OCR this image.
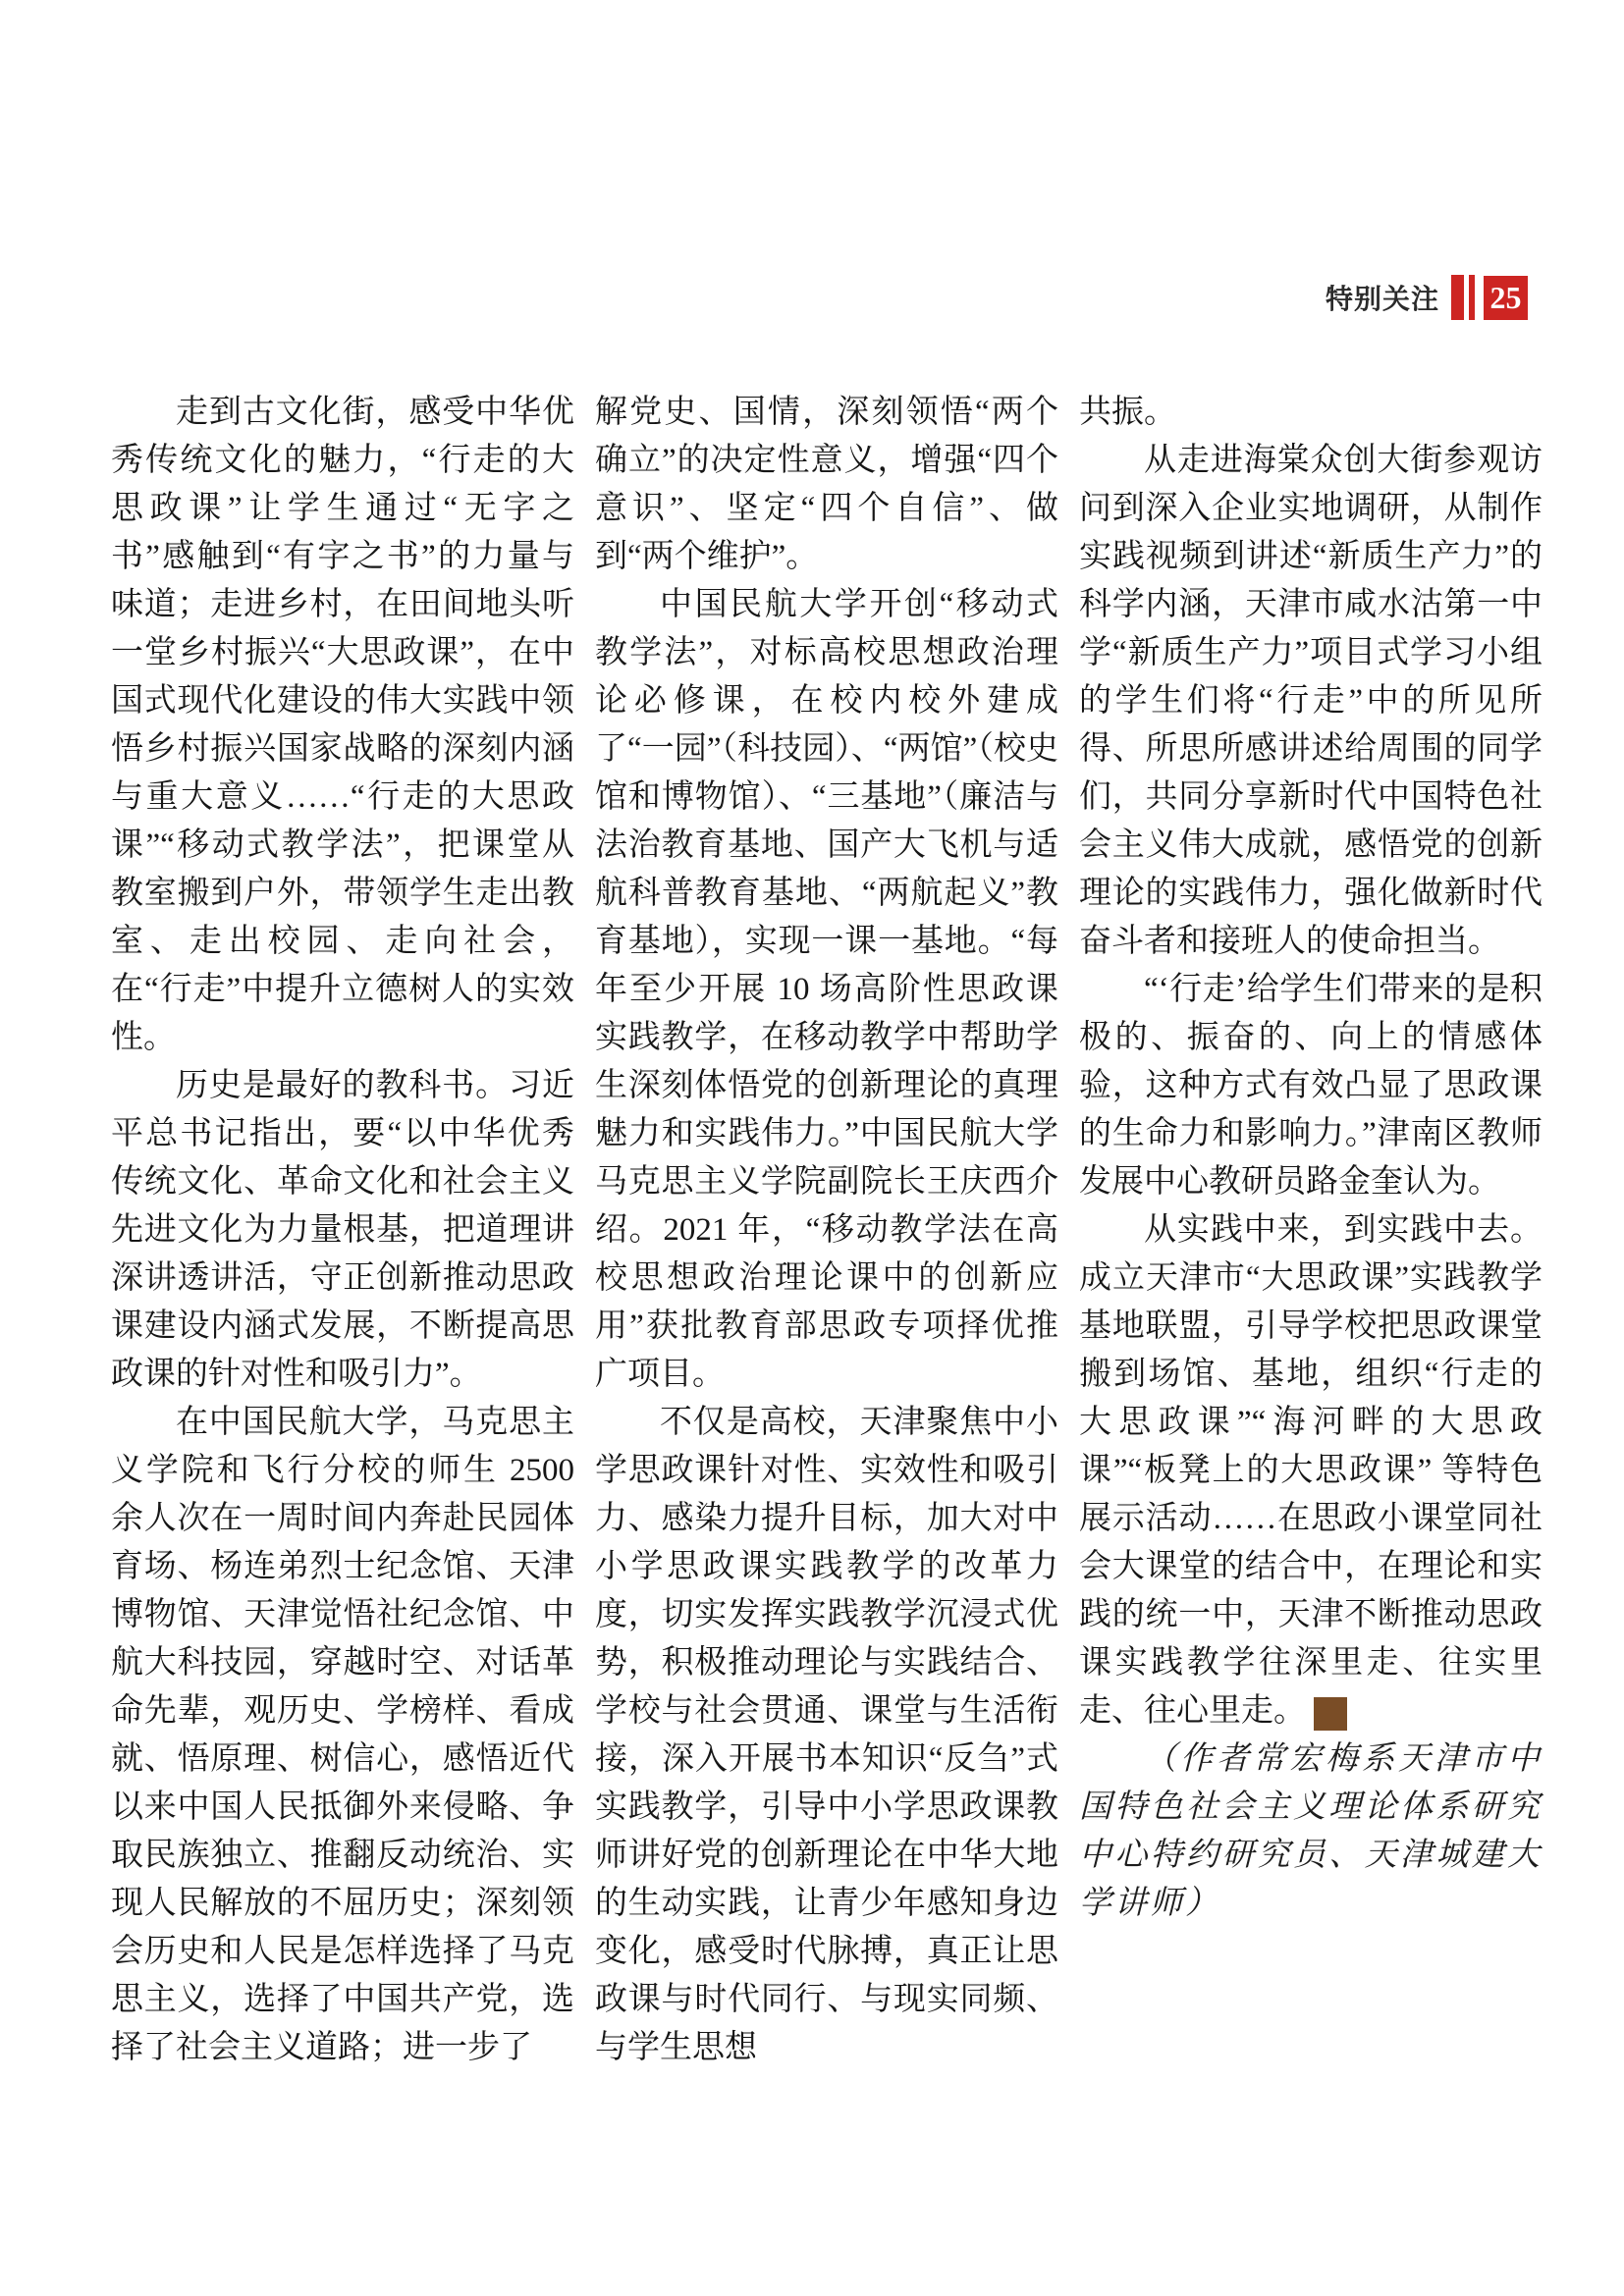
特别关注 25

走到古文化街，感受中华优秀传统文化的魅力，“行走的大思政课”让学生通过“无字之书”感触到“有字之书”的力量与味道；走进乡村，在田间地头听一堂乡村振兴“大思政课”，在中国式现代化建设的伟大实践中领悟乡村振兴国家战略的深刻内涵与重大意义……“行走的大思政课”“移动式教学法”，把课堂从教室搬到户外，带领学生走出教室、走出校园、走向社会，在“行走”中提升立德树人的实效性。

历史是最好的教科书。习近平总书记指出，要“以中华优秀传统文化、革命文化和社会主义先进文化为力量根基，把道理讲深讲透讲活，守正创新推动思政课建设内涵式发展，不断提高思政课的针对性和吸引力”。

在中国民航大学，马克思主义学院和飞行分校的师生 2500 余人次在一周时间内奔赴民园体育场、杨连弟烈士纪念馆、天津博物馆、天津觉悟社纪念馆、中航大科技园，穿越时空、对话革命先辈，观历史、学榜样、看成就、悟原理、树信心，感悟近代以来中国人民抵御外来侵略、争取民族独立、推翻反动统治、实现人民解放的不屈历史；深刻领会历史和人民是怎样选择了马克思主义，选择了中国共产党，选择了社会主义道路；进一步了

解党史、国情，深刻领悟“两个确立”的决定性意义，增强“四个意识”、坚定“四个自信”、做到“两个维护”。

中国民航大学开创“移动式教学法”，对标高校思想政治理论必修课，在校内校外建成了“一园”（科技园）、“两馆”（校史馆和博物馆）、“三基地”（廉洁与法治教育基地、国产大飞机与适航科普教育基地、“两航起义”教育基地），实现一课一基地。“每年至少开展 10 场高阶性思政课实践教学，在移动教学中帮助学生深刻体悟党的创新理论的真理魅力和实践伟力。”中国民航大学马克思主义学院副院长王庆西介绍。2021 年，“移动教学法在高校思想政治理论课中的创新应用”获批教育部思政专项择优推广项目。

不仅是高校，天津聚焦中小学思政课针对性、实效性和吸引力、感染力提升目标，加大对中小学思政课实践教学的改革力度，切实发挥实践教学沉浸式优势，积极推动理论与实践结合、学校与社会贯通、课堂与生活衔接，深入开展书本知识“反刍”式实践教学，引导中小学思政课教师讲好党的创新理论在中华大地的生动实践，让青少年感知身边变化，感受时代脉搏，真正让思政课与时代同行、与现实同频、与学生思想

共振。

从走进海棠众创大街参观访问到深入企业实地调研，从制作实践视频到讲述“新质生产力”的科学内涵，天津市咸水沽第一中学“新质生产力”项目式学习小组的学生们将“行走”中的所见所得、所思所感讲述给周围的同学们，共同分享新时代中国特色社会主义伟大成就，感悟党的创新理论的实践伟力，强化做新时代奋斗者和接班人的使命担当。

“‘行走’给学生们带来的是积极的、振奋的、向上的情感体验，这种方式有效凸显了思政课的生命力和影响力。”津南区教师发展中心教研员路金奎认为。

从实践中来，到实践中去。成立天津市“大思政课”实践教学基地联盟，引导学校把思政课堂搬到场馆、基地，组织“行走的大思政课”“海河畔的大思政课”“板凳上的大思政课” 等特色展示活动……在思政小课堂同社会大课堂的结合中，在理论和实践的统一中，天津不断推动思政课实践教学往深里走、往实里走、往心里走。	文

（作者常宏梅系天津市中国特色社会主义理论体系研究中心特约研究员、天津城建大学讲师）
